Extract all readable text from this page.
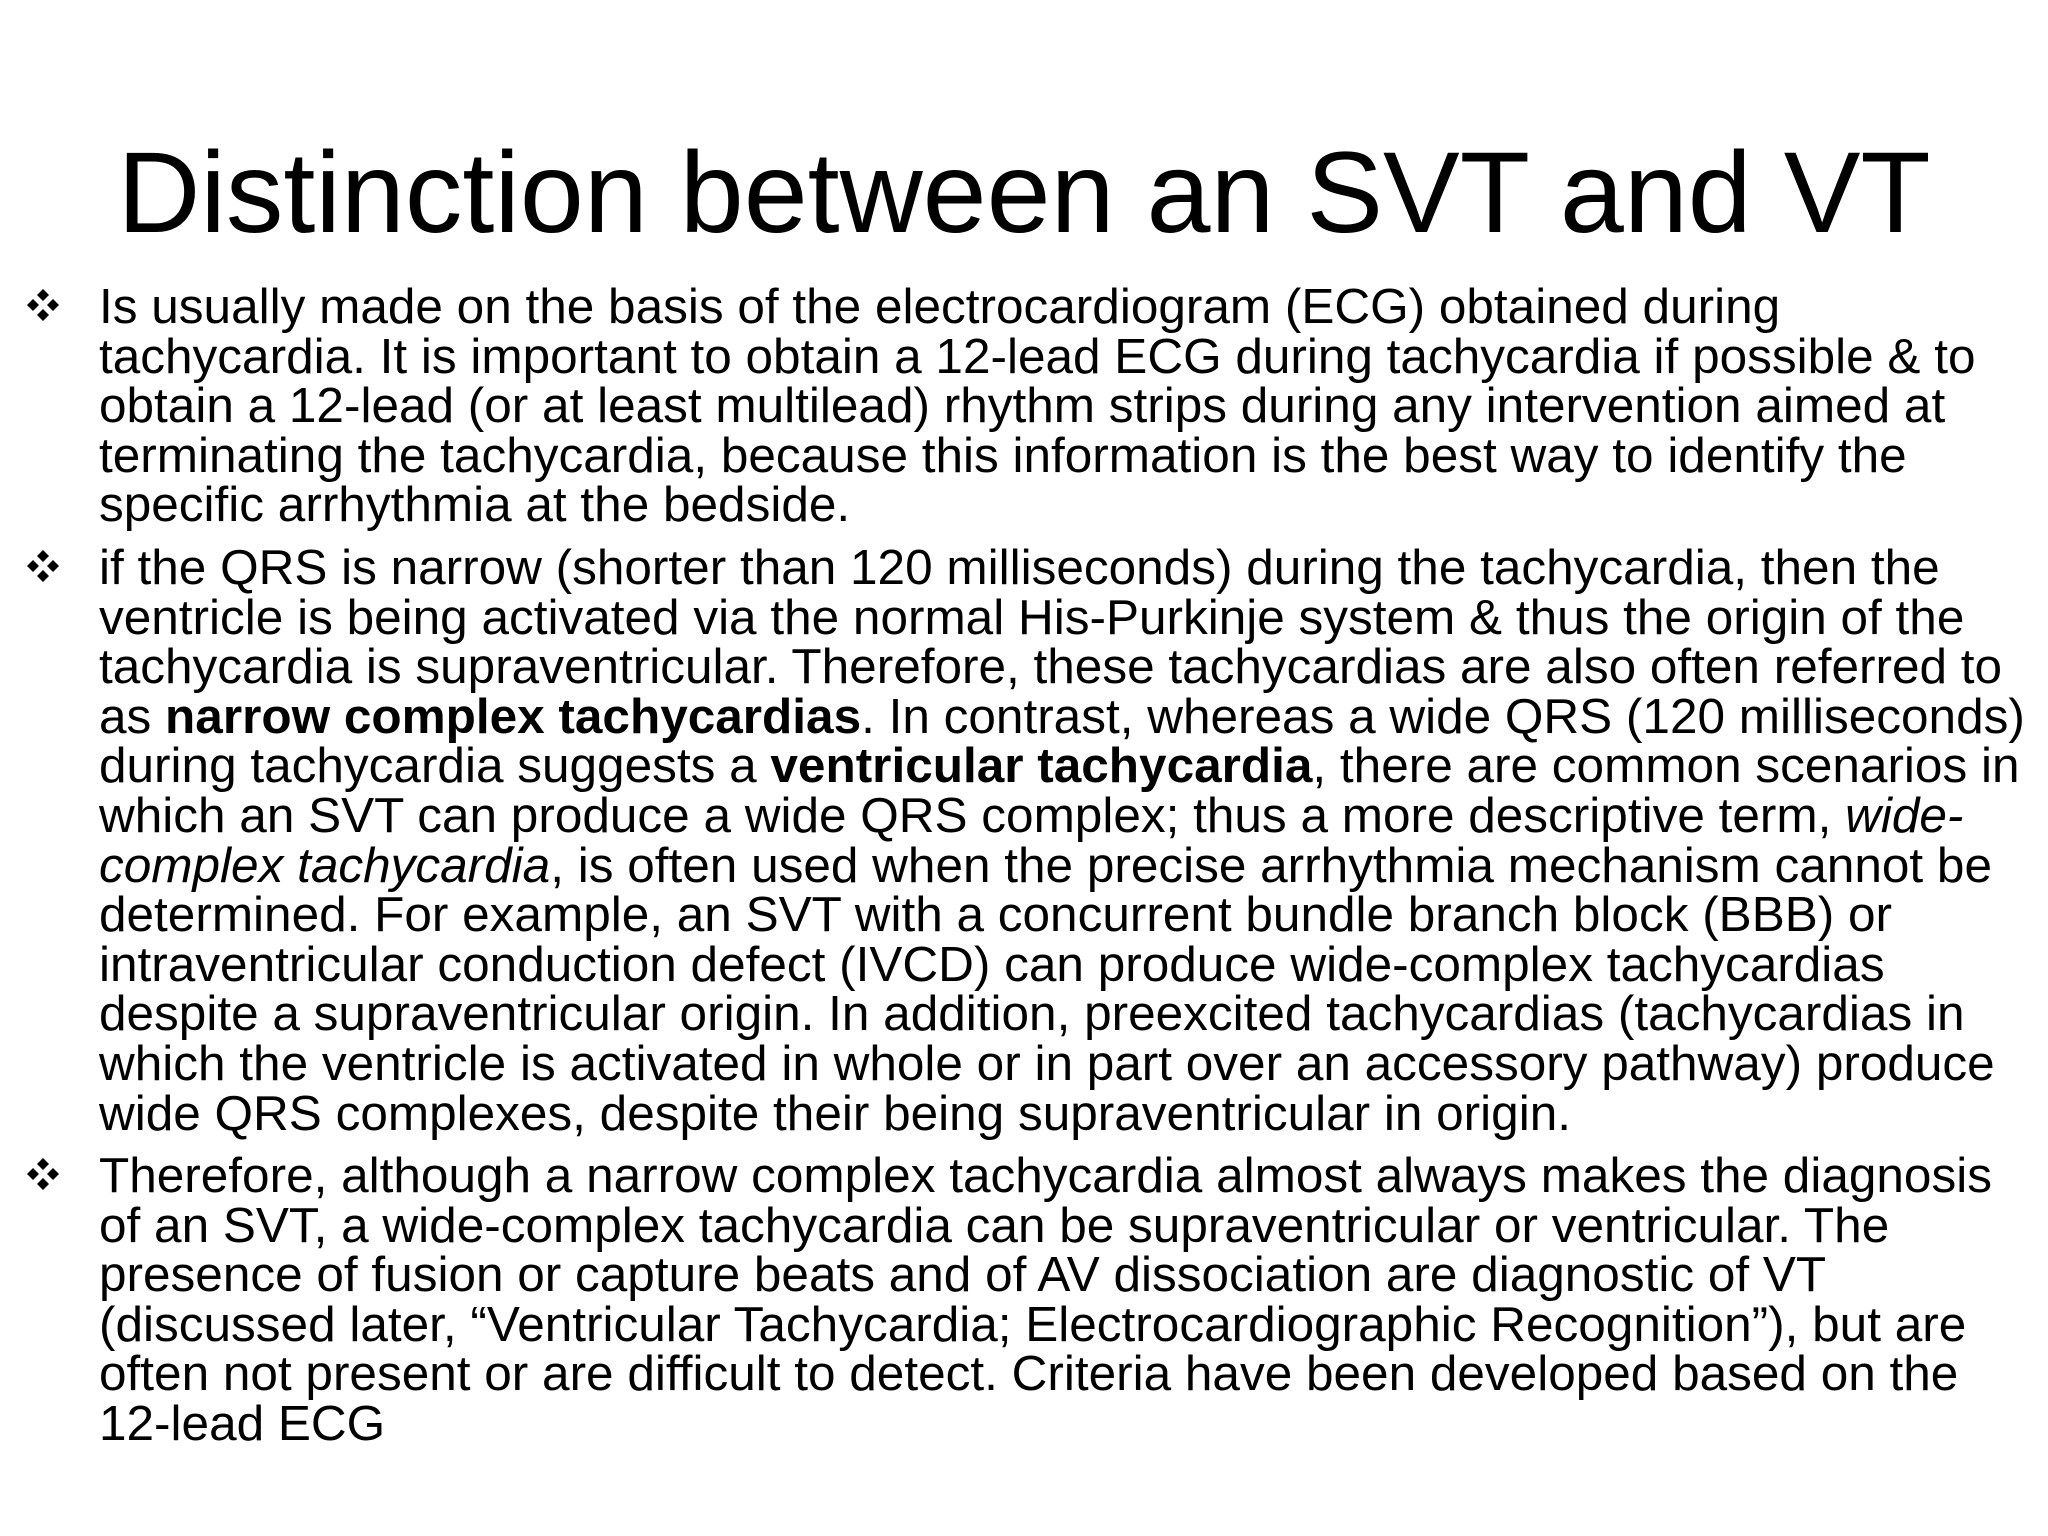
Distinction between an SVT and VT
Is usually made on the basis of the electrocardiogram (ECG) obtained during tachycardia. It is important to obtain a 12-lead ECG during tachycardia if possible & to obtain a 12-lead (or at least multilead) rhythm strips during any intervention aimed at terminating the tachycardia, because this information is the best way to identify the specific arrhythmia at the bedside.
if the QRS is narrow (shorter than 120 milliseconds) during the tachycardia, then the ventricle is being activated via the normal His-Purkinje system & thus the origin of the tachycardia is supraventricular. Therefore, these tachycardias are also often referred to as narrow complex tachycardias. In contrast, whereas a wide QRS (120 milliseconds) during tachycardia suggests a ventricular tachycardia, there are common scenarios in which an SVT can produce a wide QRS complex; thus a more descriptive term, wide-complex tachycardia, is often used when the precise arrhythmia mechanism cannot be determined. For example, an SVT with a concurrent bundle branch block (BBB) or intraventricular conduction defect (IVCD) can produce wide-complex tachycardias despite a supraventricular origin. In addition, preexcited tachycardias (tachycardias in which the ventricle is activated in whole or in part over an accessory pathway) produce wide QRS complexes, despite their being supraventricular in origin.
Therefore, although a narrow complex tachycardia almost always makes the diagnosis of an SVT, a wide-complex tachycardia can be supraventricular or ventricular. The presence of fusion or capture beats and of AV dissociation are diagnostic of VT (discussed later, “Ventricular Tachycardia; Electrocardiographic Recognition”), but are often not present or are difficult to detect. Criteria have been developed based on the 12-lead ECG
